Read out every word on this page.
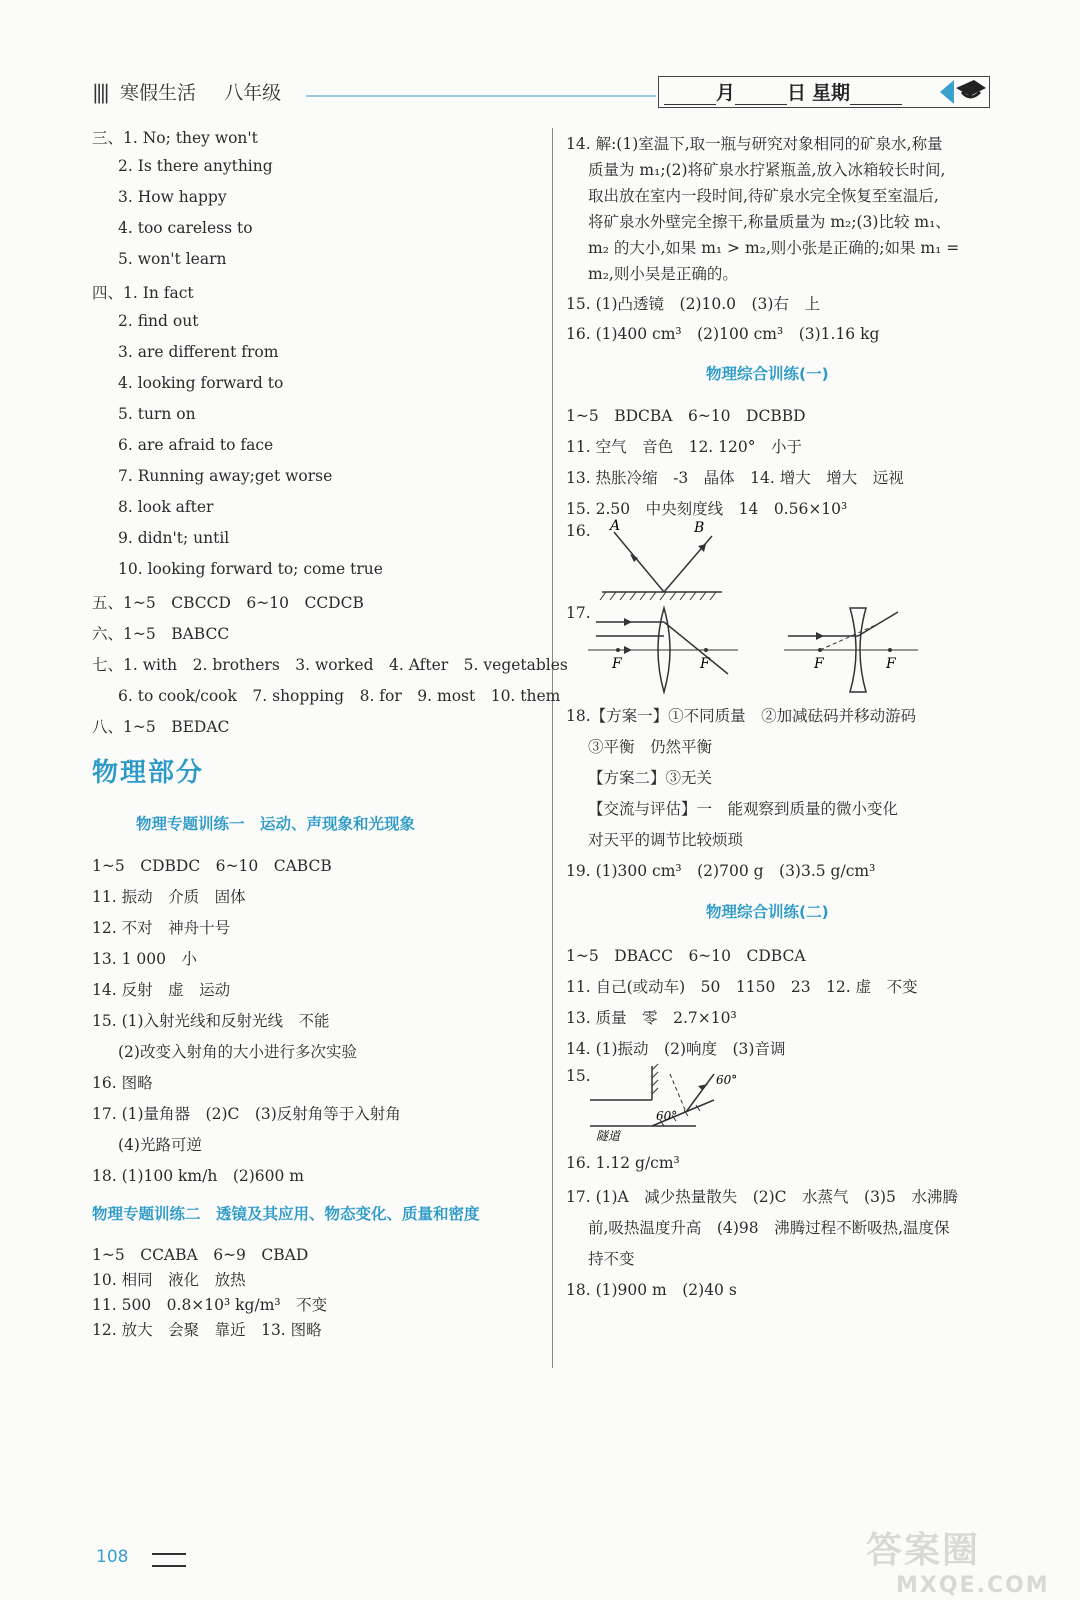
|||| 寒假生活 八年级	月	日 星期
三、1. No; they won't
2. Is there anything
3. How happy
4. too careless to
5. won't learn
四、1. In fact
2. find out
3. are different from
4. looking forward to
5. turn on
6. are afraid to face
7. Running away;get worse
8. look after
9. didn't; until
10. looking forward to; come true
五、1~5　CBCCD　6~10　CCDCB
六、1~5　BABCC
七、1. with　2. brothers　3. worked　4. After　5. vegetables
6. to cook/cook　7. shopping　8. for　9. most　10. them
八、1~5　BEDAC
物理部分
物理专题训练一　运动、声现象和光现象
1~5　CDBDC　6~10　CABCB
11. 振动　介质　固体
12. 不对　神舟十号
13. 1 000　小
14. 反射　虚　运动
15. (1)入射光线和反射光线　不能
(2)改变入射角的大小进行多次实验
16. 图略
17. (1)量角器　(2)C　(3)反射角等于入射角
(4)光路可逆
18. (1)100 km/h　(2)600 m
物理专题训练二　透镜及其应用、物态变化、质量和密度
1~5　CCABA　6~9　CBAD
10. 相同　液化　放热
11. 500　0.8×10³ kg/m³　不变
12. 放大　会聚　靠近　13. 图略
14. 解:(1)室温下,取一瓶与研究对象相同的矿泉水,称量
质量为 m₁;(2)将矿泉水拧紧瓶盖,放入冰箱较长时间,
取出放在室内一段时间,待矿泉水完全恢复至室温后,
将矿泉水外壁完全擦干,称量质量为 m₂;(3)比较 m₁、
m₂ 的大小,如果 m₁ > m₂,则小张是正确的;如果 m₁ =
m₂,则小吴是正确的。
15. (1)凸透镜　(2)10.0　(3)右　上
16. (1)400 cm³　(2)100 cm³　(3)1.16 kg
物理综合训练(一)
1~5　BDCBA　6~10　DCBBD
11. 空气　音色　12. 120°　小于
13. 热胀冷缩　-3　晶体　14. 增大　增大　远视
15. 2.50　中央刻度线　14　0.56×10³
16. A	B
17.
F	F	F	F
18.【方案一】①不同质量　②加减砝码并移动游码
③平衡　仍然平衡
【方案二】③无关
【交流与评估】一　能观察到质量的微小变化
对天平的调节比较烦琐
19. (1)300 cm³　(2)700 g　(3)3.5 g/cm³
物理综合训练(二)
1~5　DBACC　6~10　CDBCA
11. 自己(或动车)　50　1150　23　12. 虚　不变
13. 质量　零　2.7×10³
14. (1)振动　(2)响度　(3)音调
15.
60°
60°
隧道
16. 1.12 g/cm³
17. (1)A　减少热量散失　(2)C　水蒸气　(3)5　水沸腾
前,吸热温度升高　(4)98　沸腾过程不断吸热,温度保
持不变
18. (1)900 m　(2)40 s
108	答案圈
MXQE.COM
